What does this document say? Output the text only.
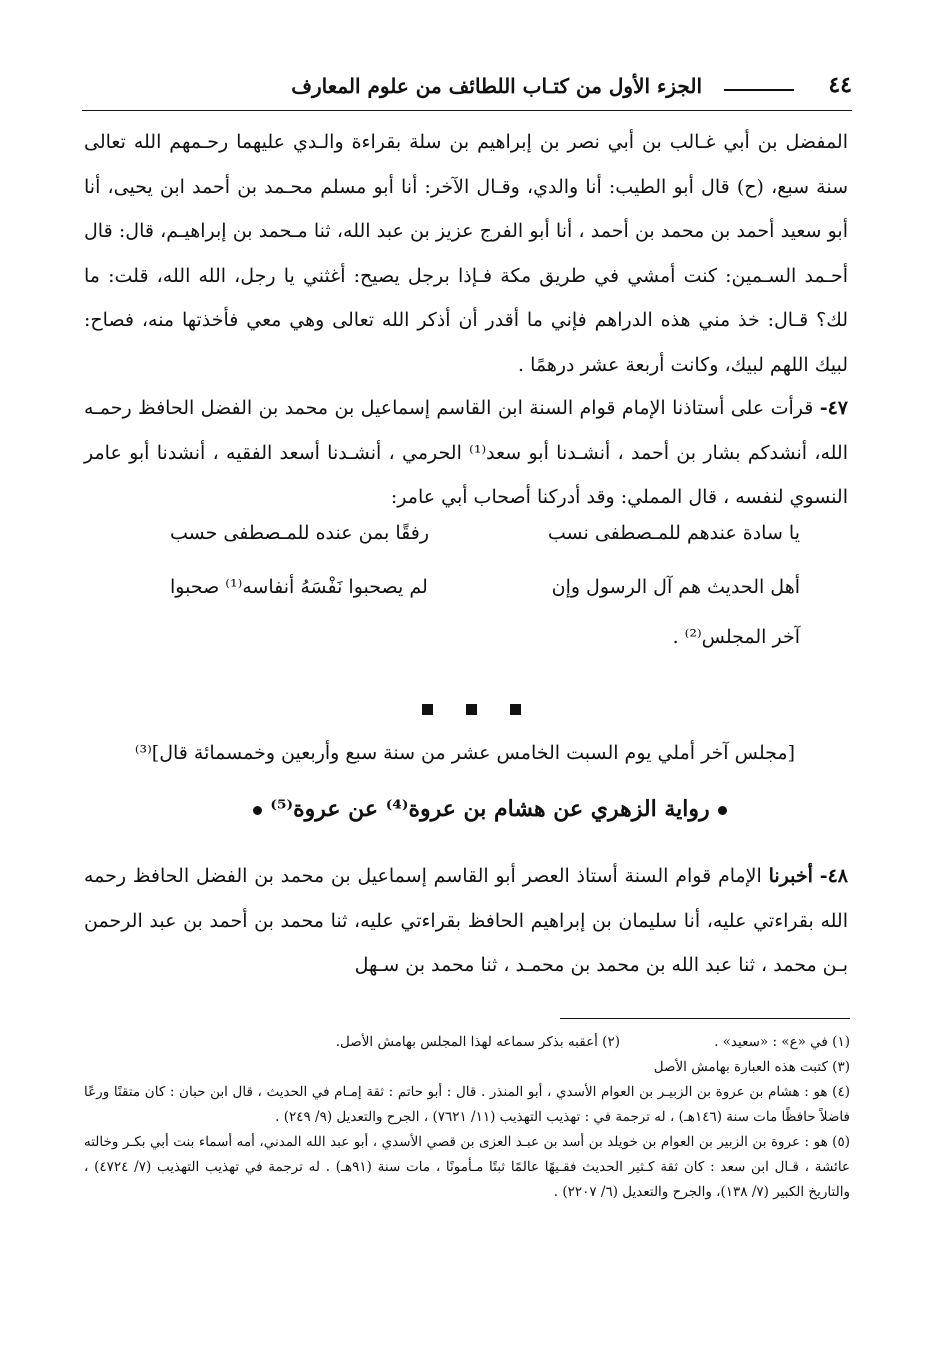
٤٤
الجزء الأول من كتـاب اللطائف من علوم المعارف

المفضل بن أبي غـالب بن أبي نصر بن إبراهيم بن سلة بقراءة والـدي عليهما رحـمهم الله تعالى سنة سبع، (ح) قال أبو الطيب: أنا والدي، وقـال الآخر: أنا أبو مسلم محـمد بن أحمد ابن يحيى، أنا أبو سعيد أحمد بن محمد بن أحمد ، أنا أبو الفرج عزيز بن عبد الله، ثنا مـحمد بن إبراهيـم، قال: قال أحـمد السـمين: كنت أمشي في طريق مكة فـإذا برجل يصيح: أغثني يا رجل، الله الله، قلت: ما لك؟ قـال: خذ مني هذه الدراهم فإني ما أقدر أن أذكر الله تعالى وهي معي فأخذتها منه، فصاح: لبيك اللهم لبيك، وكانت أربعة عشر درهمًا .

٤٧- قرأت على أستاذنا الإمام قوام السنة ابن القاسم إسماعيل بن محمد بن الفضل الحافظ رحمـه الله، أنشدكم بشار بن أحمد ، أنشـدنا أبو سعد⁽¹⁾ الحرمي ، أنشـدنا أسعد الفقيه ، أنشدنا أبو عامر النسوي لنفسه ، قال المملي: وقد أدركنا أصحاب أبي عامر:

يا سادة عندهم للمـصطفى نسب
رفقًا بمن عنده للمـصطفى حسب
أهل الحديث هم آل الرسول وإن
لم يصحبوا نَفْسَهُ أنفاسه⁽¹⁾ صحبوا
آخر المجلس⁽²⁾ .
[مجلس آخر أملي يوم السبت الخامس عشر من سنة سبع وأربعين وخمسمائة قال]⁽³⁾
رواية الزهري عن هشام بن عروة⁽⁴⁾ عن عروة⁽⁵⁾

٤٨- أخبرنا الإمام قوام السنة أستاذ العصر أبو القاسم إسماعيل بن محمد بن الفضل الحافظ رحمه الله بقراءتي عليه، أنا سليمان بن إبراهيم الحافظ بقراءتي عليه، ثنا محمد بن أحمد بن عبد الرحمن بـن محمد ، ثنا عبد الله بن محمد بن محمـد ، ثنا محمد بن سـهل

(١) في «ع» : «سعيد» .
(٢) أعقبه بذكر سماعه لهذا المجلس بهامش الأصل.

(٣) كتبت هذه العبارة بهامش الأصل

(٤) هو : هشام بن عروة بن الزبيـر بن العوام الأسدي ، أبو المنذر . قال : أبو حاتم : ثقة إمـام في الحديث ، قال ابن حبان : كان متقنًا ورعًا فاضلاً حافظًا مات سنة (١٤٦هـ) ، له ترجمة في : تهذيب التهذيب (١١/ ٧٦٢١) ، الجرح والتعديل (٩/ ٢٤٩) .

(٥) هو : عروة بن الزبير بن العوام بن خويلد بن أسد بن عبـد العزى بن قصي الأسدي ، أبو عبد الله المدني، أمه أسماء بنت أبي بكـر وخالته عائشة ، قـال ابن سعد : كان ثقة كـثير الحديث فقـيهًا عالمًا ثبتًا مـأمونًا ، مات سنة (٩١هـ) . له ترجمة في تهذيب التهذيب (٧/ ٤٧٢٤) ، والتاريخ الكبير (٧/ ١٣٨)، والجرح والتعديل (٦/ ٢٢٠٧) .
